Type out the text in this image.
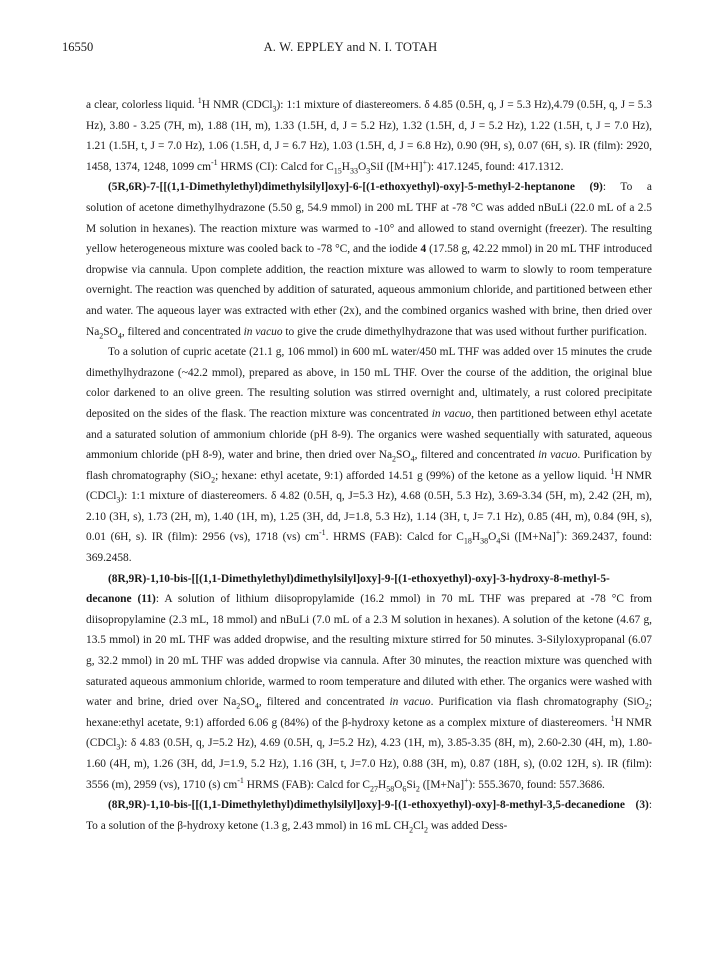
16550	A. W. EPPLEY and N. I. TOTAH

a clear, colorless liquid. $^1$H NMR (CDCl$_3$): 1:1 mixture of diastereomers. δ 4.85 (0.5H, q, J = 5.3 Hz),4.79 (0.5H, q, J = 5.3 Hz), 3.80 - 3.25 (7H, m), 1.88 (1H, m), 1.33 (1.5H, d, J = 5.2 Hz), 1.32 (1.5H, d, J = 5.2 Hz), 1.22 (1.5H, t, J = 7.0 Hz), 1.21 (1.5H, t, J = 7.0 Hz), 1.06 (1.5H, d, J = 6.7 Hz), 1.03 (1.5H, d, J = 6.8 Hz), 0.90 (9H, s), 0.07 (6H, s). IR (film): 2920, 1458, 1374, 1248, 1099 $cm^{-1}$ HRMS (CI): Calcd for $C_{15}H_{33}O_3SiI$ ([M+H]+): 417.1245, found: 417.1312.

(5R,6R)-7-[[(1,1-Dimethylethyl)dimethylsilyl]oxy]-6-[(1-ethoxyethyl)-oxy]-5-methyl-2-heptanone (9): To a solution of acetone dimethylhydrazone (5.50 g, 54.9 mmol) in 200 mL THF at -78 °C was added nBuLi (22.0 mL of a 2.5 M solution in hexanes). The reaction mixture was warmed to -10° and allowed to stand overnight (freezer). The resulting yellow heterogeneous mixture was cooled back to -78 °C, and the iodide 4 (17.58 g, 42.22 mmol) in 20 mL THF introduced dropwise via cannula. Upon complete addition, the reaction mixture was allowed to warm to slowly to room temperature overnight. The reaction was quenched by addition of saturated, aqueous ammonium chloride, and partitioned between ether and water. The aqueous layer was extracted with ether (2x), and the combined organics washed with brine, then dried over $Na_2SO_4$, filtered and concentrated in vacuo to give the crude dimethylhydrazone that was used without further purification.

To a solution of cupric acetate (21.1 g, 106 mmol) in 600 mL water/450 mL THF was added over 15 minutes the crude dimethylhydrazone (~42.2 mmol), prepared as above, in 150 mL THF. Over the course of the addition, the original blue color darkened to an olive green. The resulting solution was stirred overnight and, ultimately, a rust colored precipitate deposited on the sides of the flask. The reaction mixture was concentrated in vacuo, then partitioned between ethyl acetate and a saturated solution of ammonium chloride (pH 8-9). The organics were washed sequentially with saturated, aqueous ammonium chloride (pH 8-9), water and brine, then dried over $Na_2SO_4$, filtered and concentrated in vacuo. Purification by flash chromatography (SiO$_2$; hexane: ethyl acetate, 9:1) afforded 14.51 g (99%) of the ketone as a yellow liquid. $^1$H NMR (CDCl$_3$): 1:1 mixture of diastereomers. δ 4.82 (0.5H, q, J=5.3 Hz), 4.68 (0.5H, 5.3 Hz), 3.69-3.34 (5H, m), 2.42 (2H, m), 2.10 (3H, s), 1.73 (2H, m), 1.40 (1H, m), 1.25 (3H, dd, J=1.8, 5.3 Hz), 1.14 (3H, t, J= 7.1 Hz), 0.85 (4H, m), 0.84 (9H, s), 0.01 (6H, s). IR (film): 2956 (vs), 1718 (vs) $cm^{-1}$. HRMS (FAB): Calcd for $C_{18}H_{38}O_4Si$ ([M+Na]+): 369.2437, found: 369.2458.

(8R,9R)-1,10-bis-[[(1,1-Dimethylethyl)dimethylsilyl]oxy]-9-[(1-ethoxyethyl)-oxy]-3-hydroxy-8-methyl-5-decanone (11): A solution of lithium diisopropylamide (16.2 mmol) in 70 mL THF was prepared at -78 °C from diisopropylamine (2.3 mL, 18 mmol) and nBuLi (7.0 mL of a 2.3 M solution in hexanes). A solution of the ketone (4.67 g, 13.5 mmol) in 20 mL THF was added dropwise, and the resulting mixture stirred for 50 minutes. 3-Silyloxypropanal (6.07 g, 32.2 mmol) in 20 mL THF was added dropwise via cannula. After 30 minutes, the reaction mixture was quenched with saturated aqueous ammonium chloride, warmed to room temperature and diluted with ether. The organics were washed with water and brine, dried over $Na_2SO_4$, filtered and concentrated in vacuo. Purification via flash chromatography (SiO$_2$; hexane:ethyl acetate, 9:1) afforded 6.06 g (84%) of the β-hydroxy ketone as a complex mixture of diastereomers. $^1$H NMR (CDCl$_3$): δ 4.83 (0.5H, q, J=5.2 Hz), 4.69 (0.5H, q, J=5.2 Hz), 4.23 (1H, m), 3.85-3.35 (8H, m), 2.60-2.30 (4H, m), 1.80-1.60 (4H, m), 1.26 (3H, dd, J=1.9, 5.2 Hz), 1.16 (3H, t, J=7.0 Hz), 0.88 (3H, m), 0.87 (18H, s), (0.02 12H, s). IR (film): 3556 (m), 2959 (vs), 1710 (s) $cm^{-1}$ HRMS (FAB): Calcd for $C_{27}H_{58}O_6Si_2$ ([M+Na]+): 555.3670, found: 557.3686.

(8R,9R)-1,10-bis-[[(1,1-Dimethylethyl)dimethylsilyl]oxy]-9-[(1-ethoxyethyl)-oxy]-8-methyl-3,5-decanedione (3): To a solution of the β-hydroxy ketone (1.3 g, 2.43 mmol) in 16 mL $CH_2Cl_2$ was added Dess-
